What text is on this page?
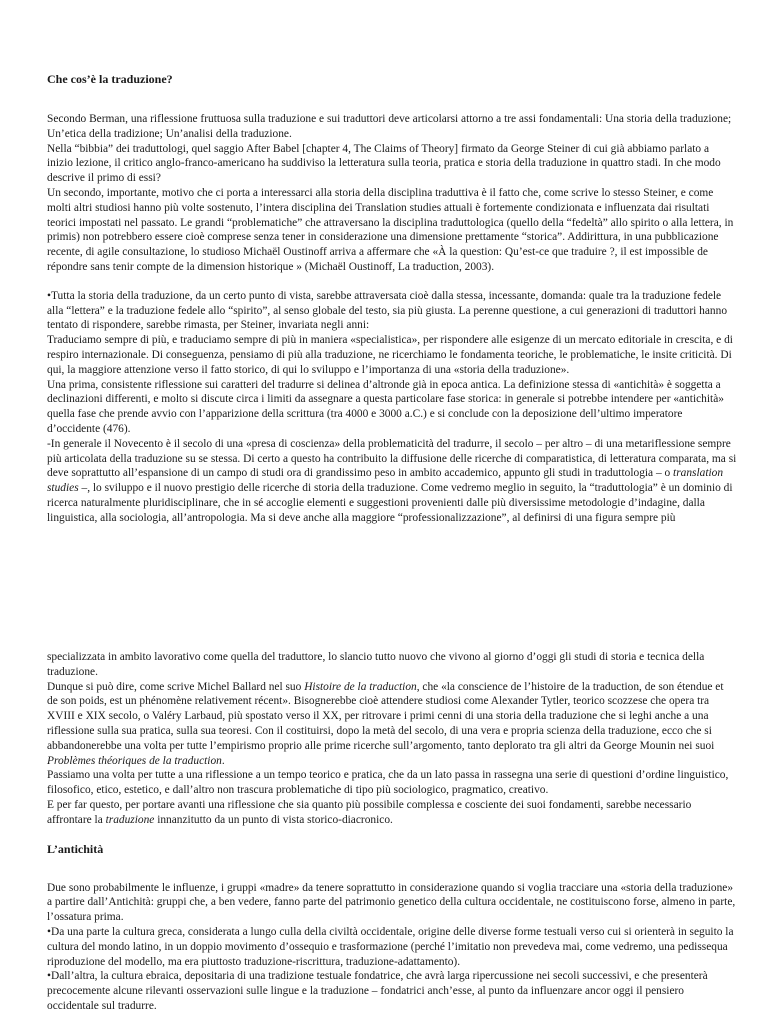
Che cos’è la traduzione?

Secondo Berman, una riflessione fruttuosa sulla traduzione e sui traduttori deve articolarsi attorno a tre assi fondamentali: Una storia della traduzione; Un’etica della tradizione; Un’analisi della traduzione.

Nella “bibbia” dei traduttologi, quel saggio After Babel [chapter 4, The Claims of Theory] firmato da George Steiner di cui già abbiamo parlato a inizio lezione, il critico anglo-franco-americano ha suddiviso la letteratura sulla teoria, pratica e storia della traduzione in quattro stadi. In che modo descrive il primo di essi?

Un secondo, importante, motivo che ci porta a interessarci alla storia della disciplina traduttiva è il fatto che, come scrive lo stesso Steiner, e come molti altri studiosi hanno più volte sostenuto, l’intera disciplina dei Translation studies attuali è fortemente condizionata e influenzata dai risultati teorici impostati nel passato. Le grandi “problematiche” che attraversano la disciplina traduttologica (quello della “fedeltà” allo spirito o alla lettera, in primis) non potrebbero essere cioè comprese senza tener in considerazione una dimensione prettamente “storica”. Addirittura, in una pubblicazione recente, di agile consultazione, lo studioso Michaël Oustinoff arriva a affermare che «À la question: Qu’est-ce que traduire ?, il est impossible de répondre sans tenir compte de la dimension historique » (Michaël Oustinoff, La traduction, 2003).

•Tutta la storia della traduzione, da un certo punto di vista, sarebbe attraversata cioè dalla stessa, incessante, domanda: quale tra la traduzione fedele alla “lettera” e la traduzione fedele allo “spirito”, al senso globale del testo, sia più giusta. La perenne questione, a cui generazioni di traduttori hanno tentato di rispondere, sarebbe rimasta, per Steiner, invariata negli anni:

Traduciamo sempre di più, e traduciamo sempre di più in maniera «specialistica», per rispondere alle esigenze di un mercato editoriale in crescita, e di respiro internazionale. Di conseguenza, pensiamo di più alla traduzione, ne ricerchiamo le fondamenta teoriche, le problematiche, le insite criticità. Di qui, la maggiore attenzione verso il fatto storico, di qui lo sviluppo e l’importanza di una «storia della traduzione».

Una prima, consistente riflessione sui caratteri del tradurre si delinea d’altronde già in epoca antica. La definizione stessa di «antichità» è soggetta a declinazioni differenti, e molto si discute circa i limiti da assegnare a questa particolare fase storica: in generale si potrebbe intendere per «antichità» quella fase che prende avvio con l’apparizione della scrittura (tra 4000 e 3000 a.C.) e si conclude con la deposizione dell’ultimo imperatore d’occidente (476).

-In generale il Novecento è il secolo di una «presa di coscienza» della problematicità del tradurre, il secolo – per altro – di una metariflessione sempre più articolata della traduzione su se stessa. Di certo a questo ha contribuito la diffusione delle ricerche di comparatistica, di letteratura comparata, ma si deve soprattutto all’espansione di un campo di studi ora di grandissimo peso in ambito accademico, appunto gli studi in traduttologia – o translation studies –, lo sviluppo e il nuovo prestigio delle ricerche di storia della traduzione. Come vedremo meglio in seguito, la “traduttologia” è un dominio di ricerca naturalmente pluridisciplinare, che in sé accoglie elementi e suggestioni provenienti dalle più diversissime metodologie d’indagine, dalla linguistica, alla sociologia, all’antropologia. Ma si deve anche alla maggiore “professionalizzazione”, al definirsi di una figura sempre più

specializzata in ambito lavorativo come quella del traduttore, lo slancio tutto nuovo che vivono al giorno d’oggi gli studi di storia e tecnica della traduzione.

Dunque si può dire, come scrive Michel Ballard nel suo Histoire de la traduction, che «la conscience de l’histoire de la traduction, de son étendue et de son poids, est un phénomène relativement récent». Bisognerebbe cioè attendere studiosi come Alexander Tytler, teorico scozzese che opera tra XVIII e XIX secolo, o Valéry Larbaud, più spostato verso il XX, per ritrovare i primi cenni di una storia della traduzione che si leghi anche a una riflessione sulla sua pratica, sulla sua teoresi. Con il costituirsi, dopo la metà del secolo, di una vera e propria scienza della traduzione, ecco che si abbandonerebbe una volta per tutte l’empirismo proprio alle prime ricerche sull’argomento, tanto deplorato tra gli altri da George Mounin nei suoi Problèmes théoriques de la traduction.

Passiamo una volta per tutte a una riflessione a un tempo teorico e pratica, che da un lato passa in rassegna una serie di questioni d’ordine linguistico, filosofico, etico, estetico, e dall’altro non trascura problematiche di tipo più sociologico, pragmatico, creativo.

E per far questo, per portare avanti una riflessione che sia quanto più possibile complessa e cosciente dei suoi fondamenti, sarebbe necessario affrontare la traduzione innanzitutto da un punto di vista storico-diacronico.

L’antichità

Due sono probabilmente le influenze, i gruppi «madre» da tenere soprattutto in considerazione quando si voglia tracciare una «storia della traduzione» a partire dall’Antichità: gruppi che, a ben vedere, fanno parte del patrimonio genetico della cultura occidentale, ne costituiscono forse, almeno in parte, l’ossatura prima.

•Da una parte la cultura greca, considerata a lungo culla della civiltà occidentale, origine delle diverse forme testuali verso cui si orienterà in seguito la cultura del mondo latino, in un doppio movimento d’ossequio e trasformazione (perché l’imitatio non prevedeva mai, come vedremo, una pedissequa riproduzione del modello, ma era piuttosto traduzione-riscrittura, traduzione-adattamento).

•Dall’altra, la cultura ebraica, depositaria di una tradizione testuale fondatrice, che avrà larga ripercussione nei secoli successivi, e che presenterà precocemente alcune rilevanti osservazioni sulle lingue e la traduzione – fondatrici anch’esse, al punto da influenzare ancor oggi il pensiero occidentale sul tradurre.
